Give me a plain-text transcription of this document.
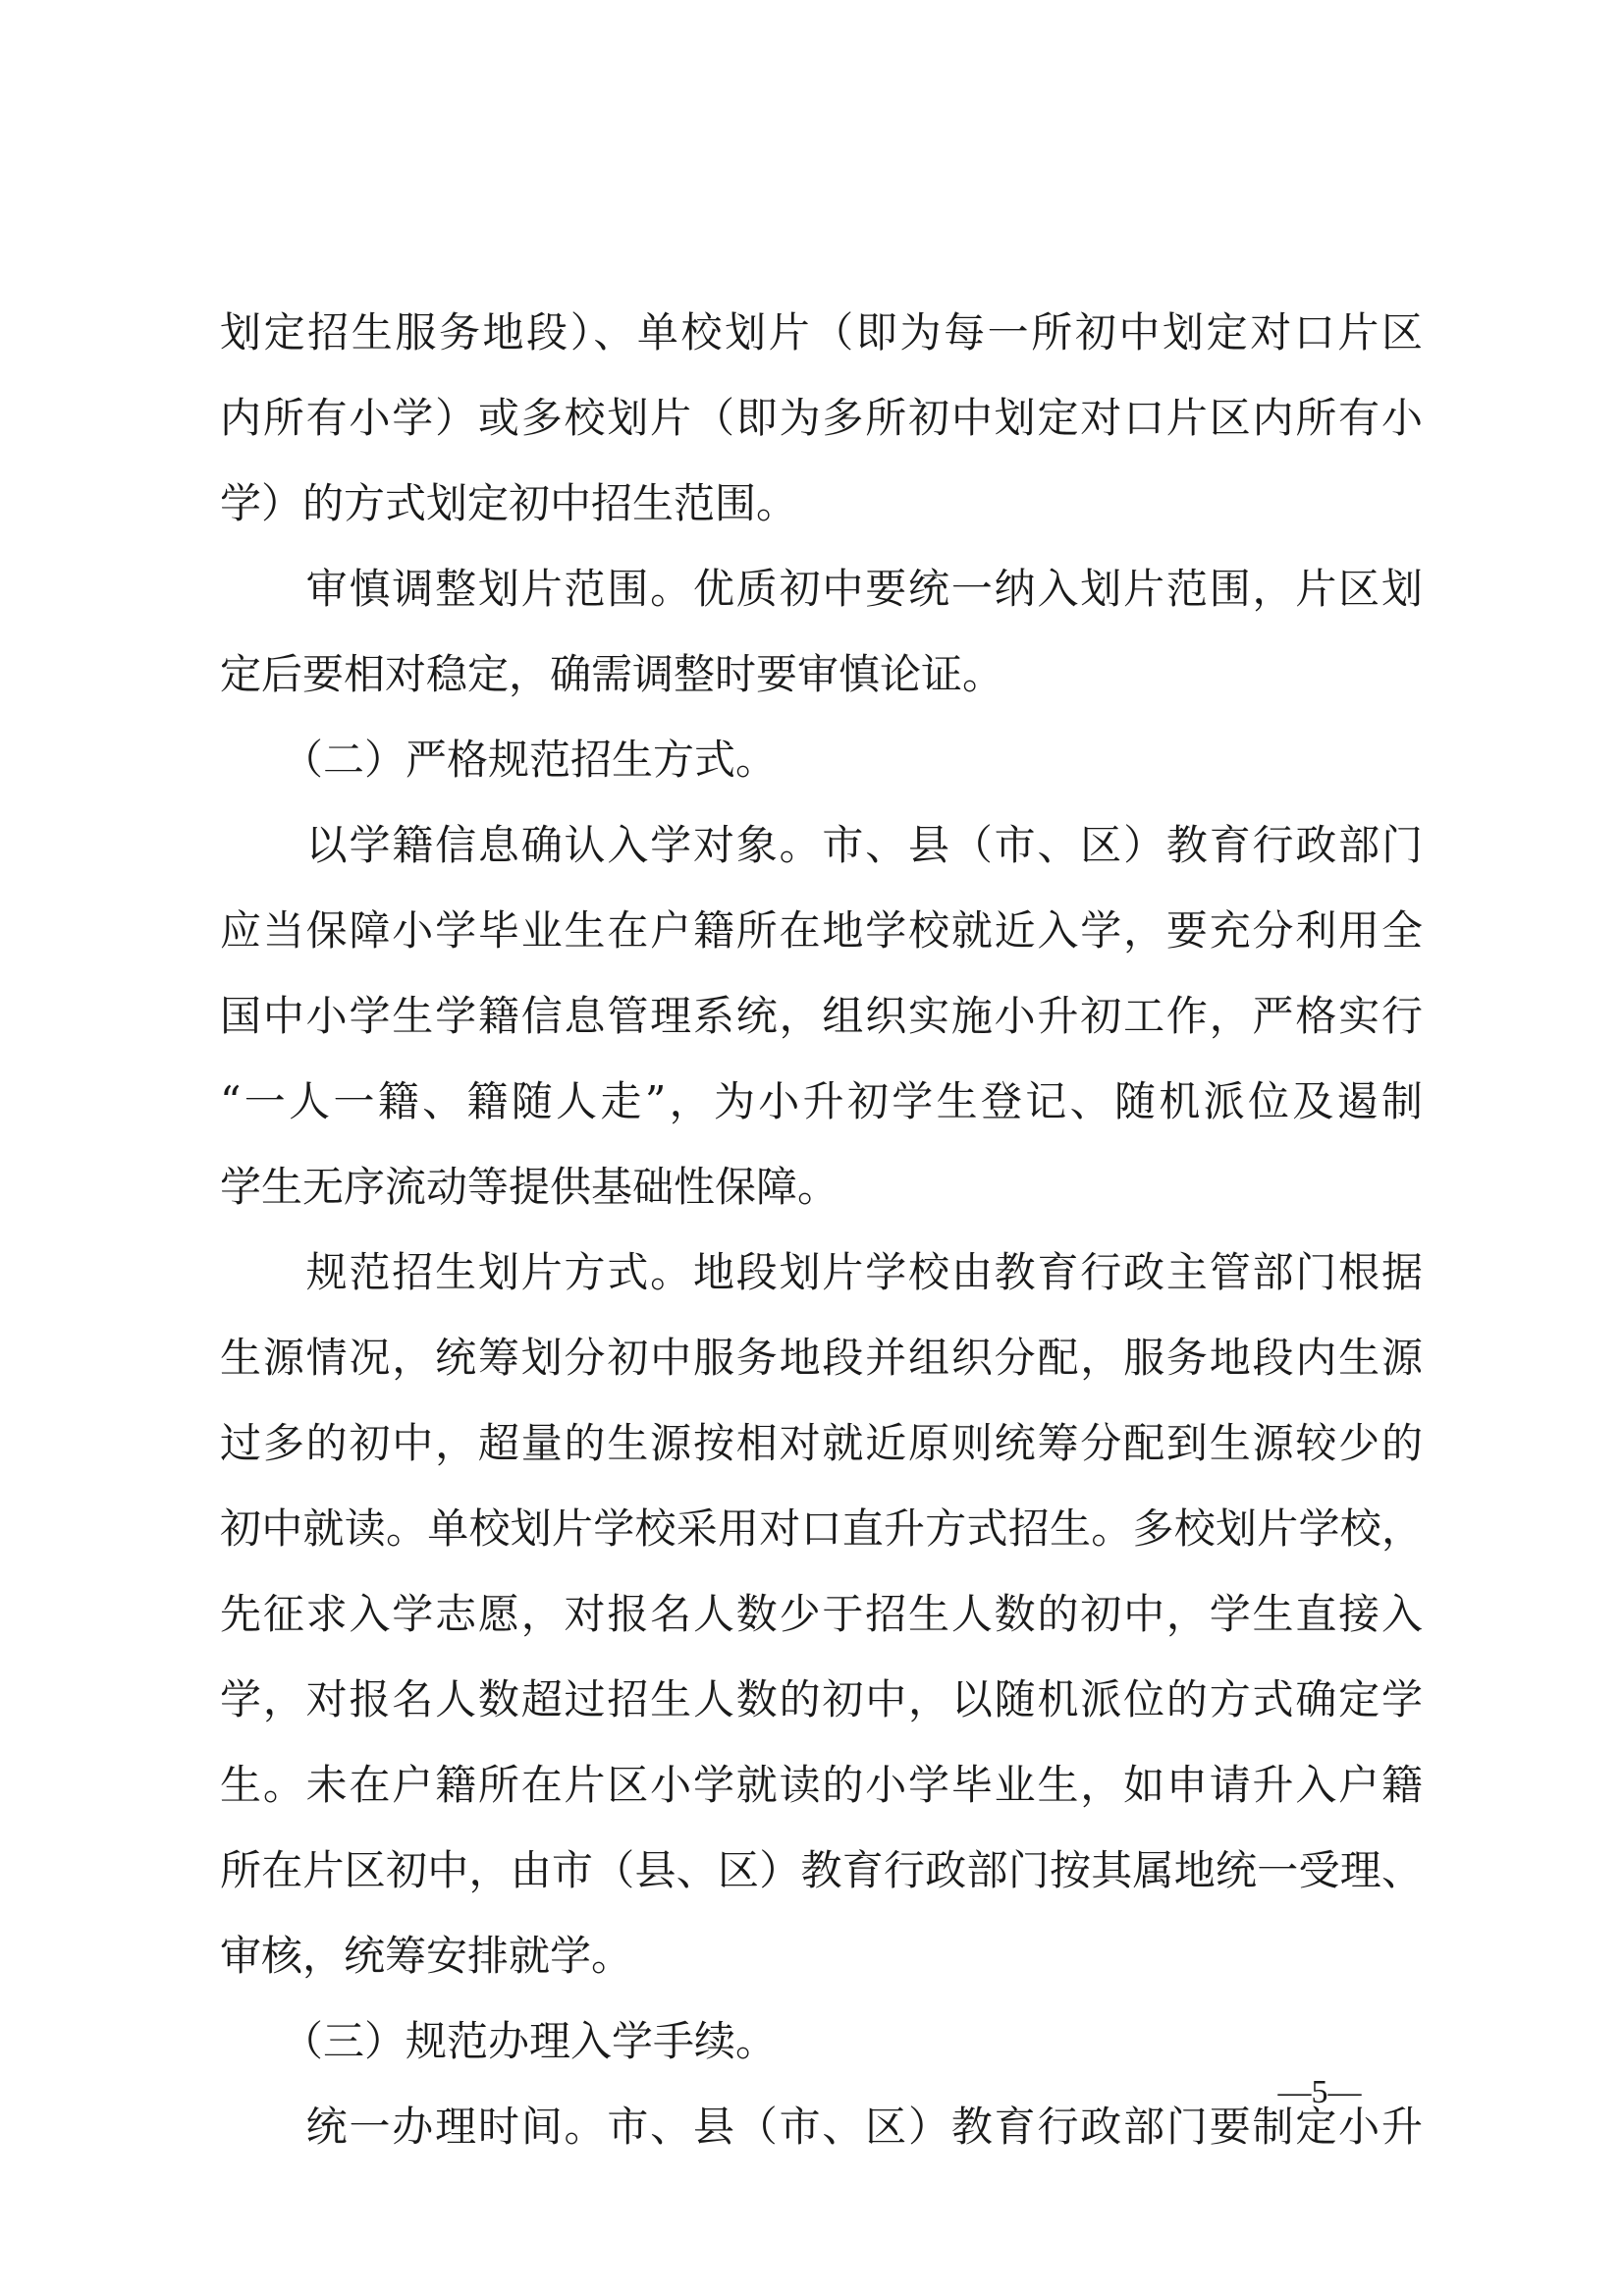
划定招生服务地段）、单校划片（即为每一所初中划定对口片区
内所有小学）或多校划片（即为多所初中划定对口片区内所有小
学）的方式划定初中招生范围。
　　审慎调整划片范围。优质初中要统一纳入划片范围，片区划
定后要相对稳定，确需调整时要审慎论证。
　　（二）严格规范招生方式。
　　以学籍信息确认入学对象。市、县（市、区）教育行政部门
应当保障小学毕业生在户籍所在地学校就近入学，要充分利用全
国中小学生学籍信息管理系统，组织实施小升初工作，严格实行
“一人一籍、籍随人走”，为小升初学生登记、随机派位及遏制
学生无序流动等提供基础性保障。
　　规范招生划片方式。地段划片学校由教育行政主管部门根据
生源情况，统筹划分初中服务地段并组织分配，服务地段内生源
过多的初中，超量的生源按相对就近原则统筹分配到生源较少的
初中就读。单校划片学校采用对口直升方式招生。多校划片学校，
先征求入学志愿，对报名人数少于招生人数的初中，学生直接入
学，对报名人数超过招生人数的初中，以随机派位的方式确定学
生。未在户籍所在片区小学就读的小学毕业生，如申请升入户籍
所在片区初中，由市（县、区）教育行政部门按其属地统一受理、
审核，统筹安排就学。
　　（三）规范办理入学手续。
　　统一办理时间。市、县（市、区）教育行政部门要制定小升
—5—
